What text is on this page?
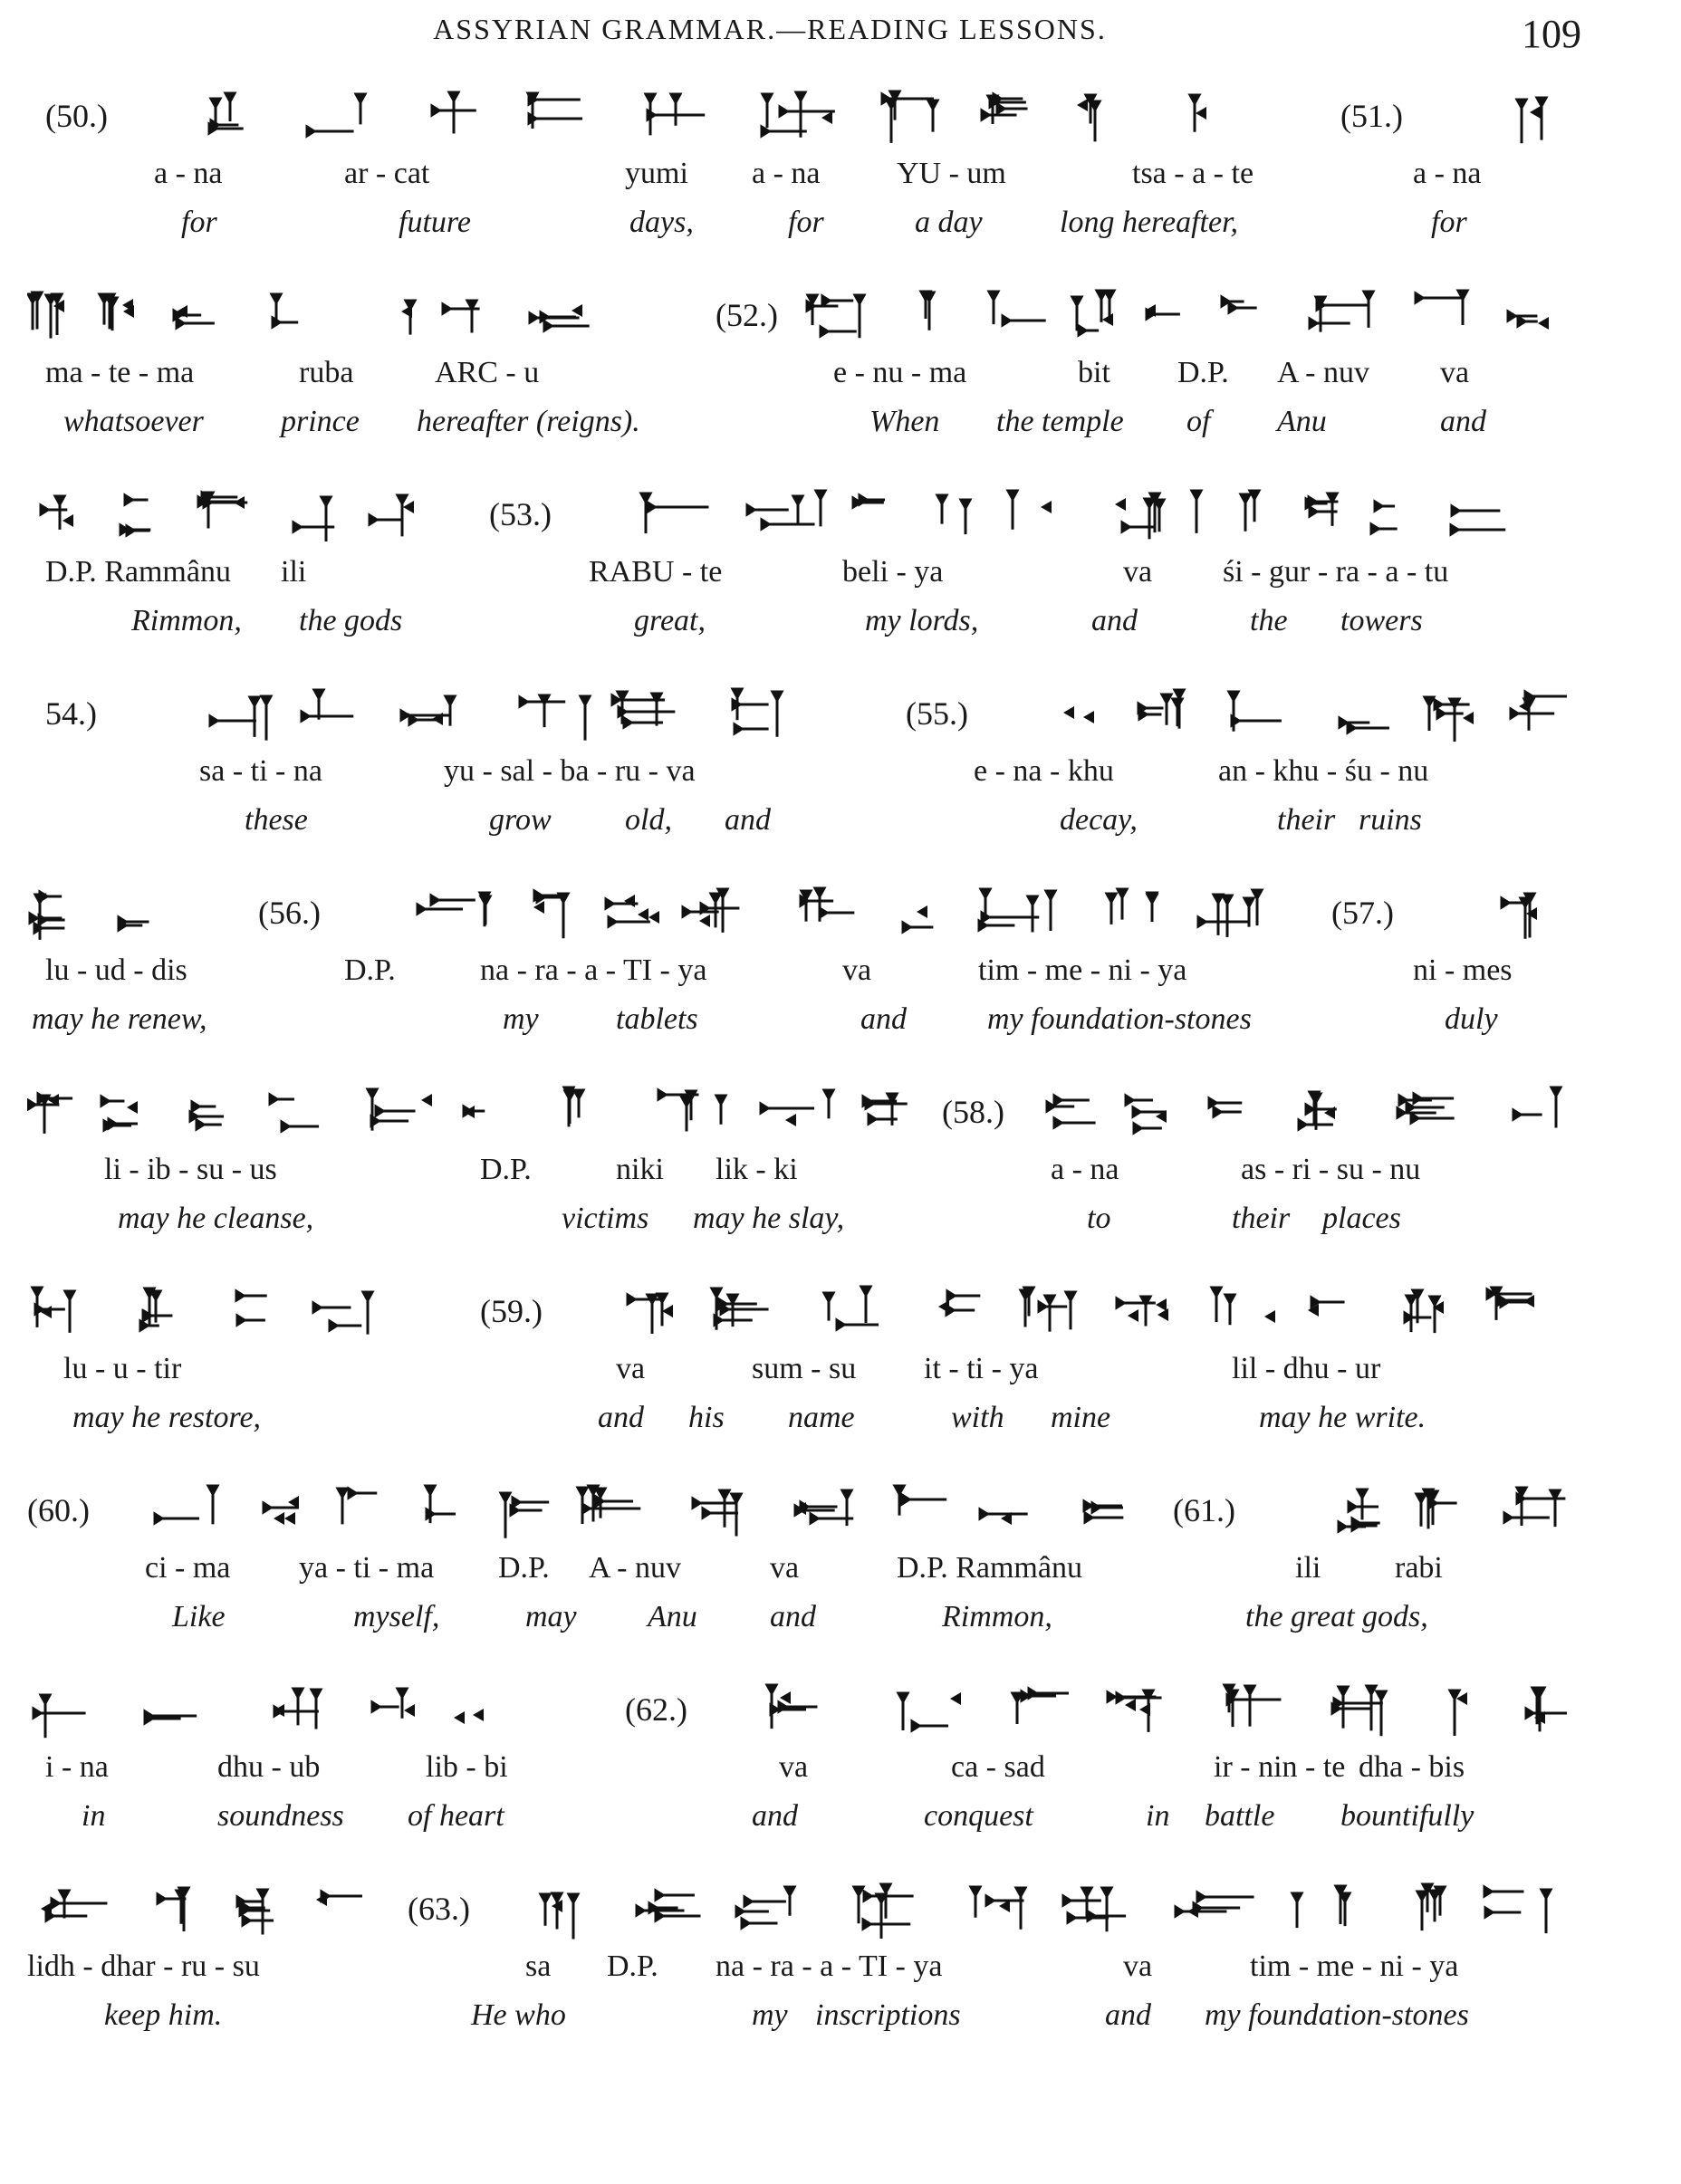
ASSYRIAN GRAMMAR.—READING LESSONS.	109
(50.)	(51.)
a - na	ar - cat	yumi a - na YU - um	tsa - a - te	a - na
for	future	days,	for	a day	long hereafter,	for
(52.)
ma - te - ma	ruba	ARC - u	e - nu - ma	bit D.P. A - nuv va
whatsoever	prince hereafter (reigns).	When the temple of Anu	and
(53.)
D.P. Rammânu ili	RABU - te	beli - ya	va śi - gur - ra - a - tu
Rimmon, the gods	great,	my lords,	and	the towers
54.)	(55.)
sa - ti - na	yu - sal - ba - ru - va	e - na - khu	an - khu - śu - nu
these	grow old, and	decay,	their ruins
(56.)	(57.)
lu - ud - dis	D.P.	na - ra - a - TI - ya	va	tim - me - ni - ya	ni - mes
may he renew,	my	tablets	and	my foundation-stones	duly
(58.)
li - ib - su - us	D.P.	niki lik - ki	a - na	as - ri - su - nu
may he cleanse,	victims may he slay,	to	their places
(59.)
lu - u - tir	va	sum - su it - ti - ya	lil - dhu - ur
may he restore,	and his name	with mine	may he write.
(60.)	(61.)
ci - ma ya - ti - ma D.P. A - nuv	va	D.P. Rammânu	ili rabi
Like	myself,	may Anu and	Rimmon,	the great gods,
(62.)
i - na	dhu - ub	lib - bi	va	ca - sad	ir - nin - te dha - bis
in	soundness of heart	and	conquest	in battle bountifully
(63.)
lidh - dhar - ru - su	sa D.P. na - ra - a - TI - ya	va	tim - me - ni - ya
keep him.	He who	my inscriptions	and my foundation-stones
